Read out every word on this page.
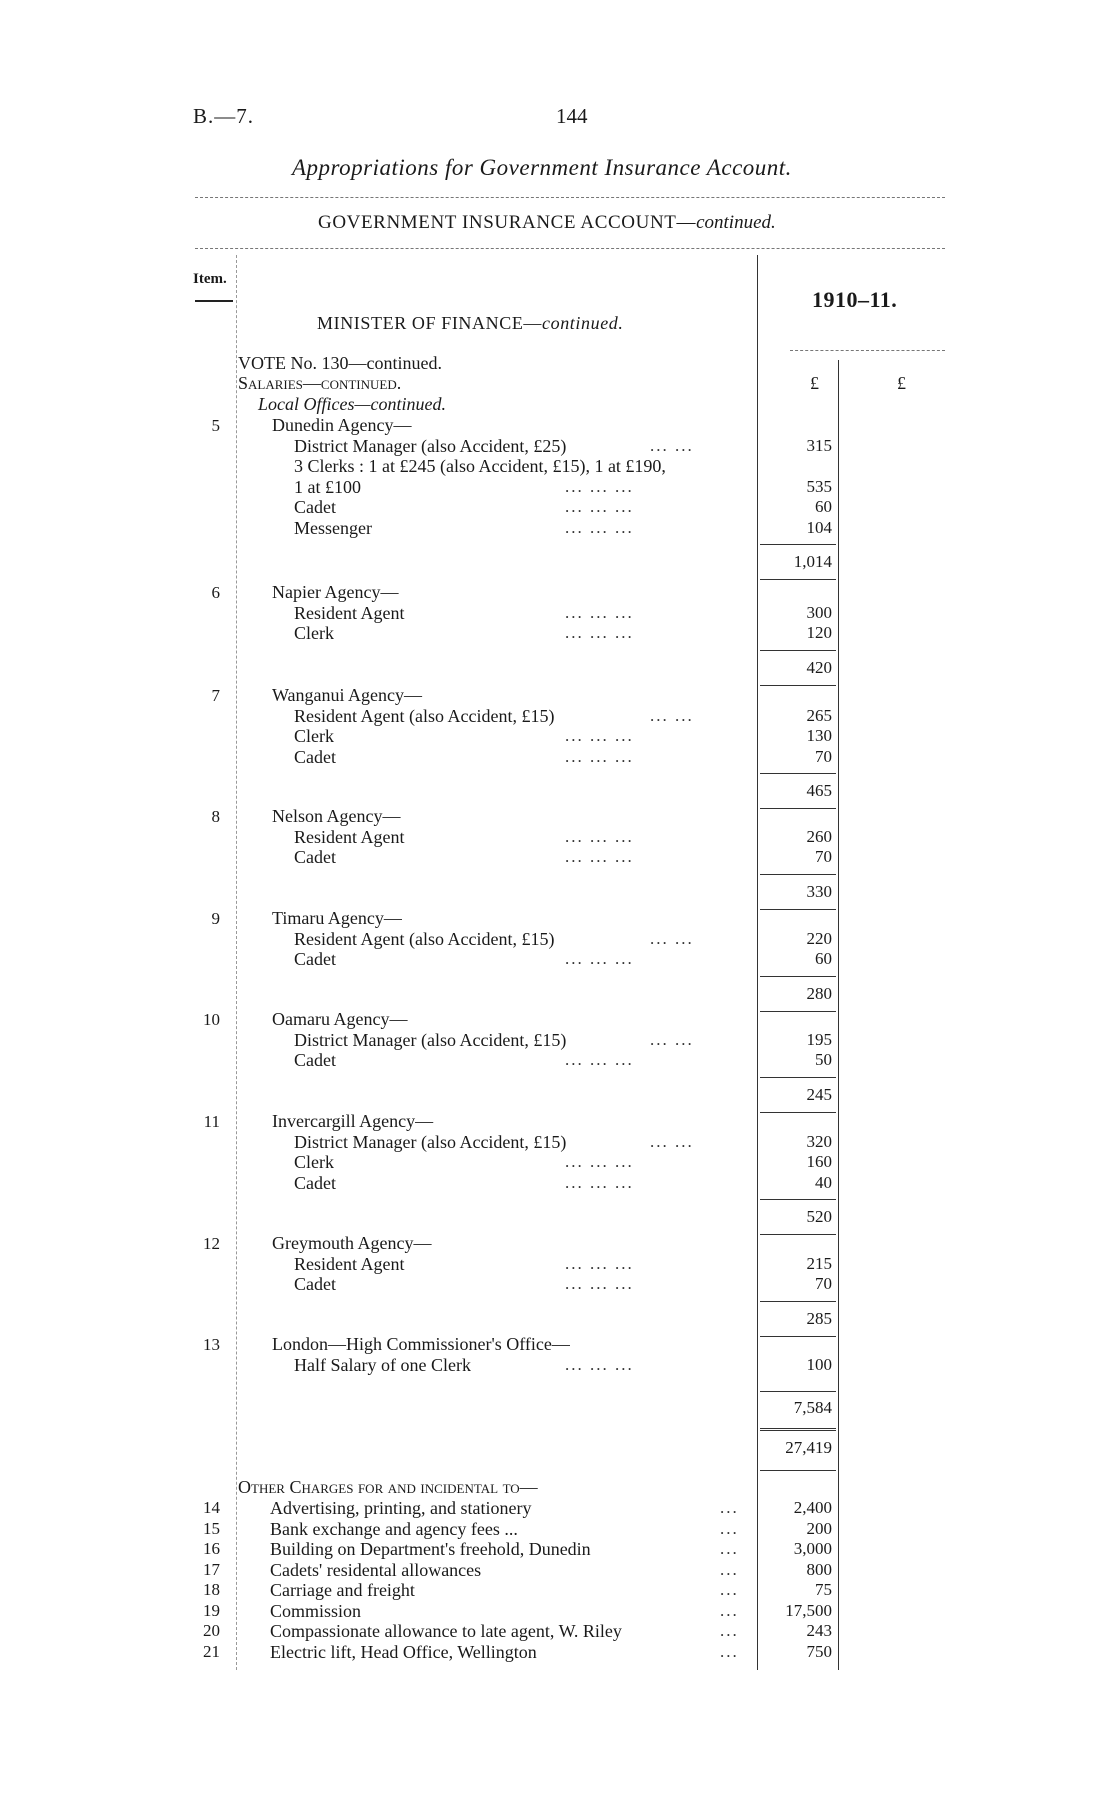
B.—7.	144
Appropriations for Government Insurance Account.
GOVERNMENT INSURANCE ACCOUNT—continued.
Item.
1910–11.
MINISTER OF FINANCE—continued.
VOTE No. 130—continued.
Salaries—continued.
Local Offices—continued.
£	£
5	Dunedin Agency—
District Manager (also Accident, £25)	... ...	315
3 Clerks : 1 at £245 (also Accident, £15), 1 at £190,
1 at £100	... ... ...	535
Cadet	... ... ...	60
Messenger	... ... ...	104
1,014
6	Napier Agency—
Resident Agent	... ... ...	300
Clerk	... ... ...	120
420
7	Wanganui Agency—
Resident Agent (also Accident, £15)	... ...	265
Clerk	... ... ...	130
Cadet	... ... ...	70
465
8	Nelson Agency—
Resident Agent	... ... ...	260
Cadet	... ... ...	70
330
9	Timaru Agency—
Resident Agent (also Accident, £15)	... ...	220
Cadet	... ... ...	60
280
10	Oamaru Agency—
District Manager (also Accident, £15)	... ...	195
Cadet	... ... ...	50
245
11	Invercargill Agency—
District Manager (also Accident, £15)	... ...	320
Clerk	... ... ...	160
Cadet	... ... ...	40
520
12	Greymouth Agency—
Resident Agent	... ... ...	215
Cadet	... ... ...	70
285
13	London—High Commissioner's Office—
Half Salary of one Clerk	... ... ...	100
7,584
27,419
Other Charges for and incidental to—
14	Advertising, printing, and stationery	...	2,400
15	Bank exchange and agency fees ...	...	200
16	Building on Department's freehold, Dunedin	...	3,000
17	Cadets' residental allowances	...	800
18	Carriage and freight	...	75
19	Commission	...	17,500
20	Compassionate allowance to late agent, W. Riley	...	243
21	Electric lift, Head Office, Wellington	...	750
